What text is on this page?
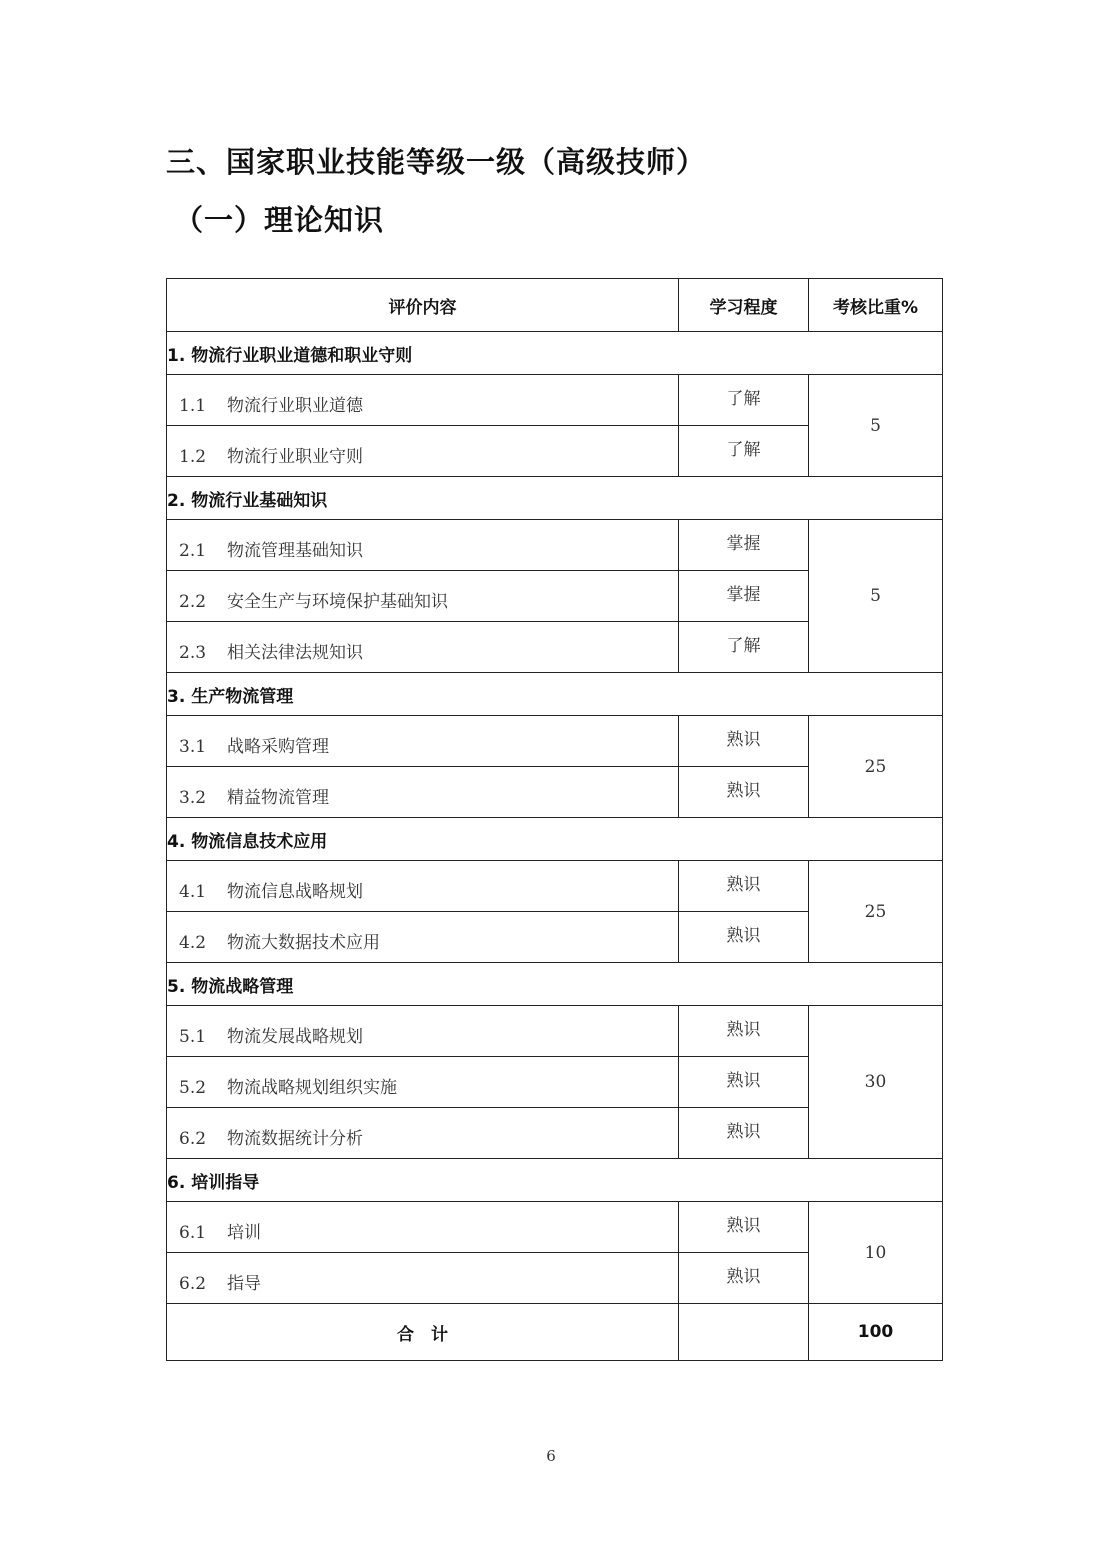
三、国家职业技能等级一级（高级技师）
（一）理论知识
评价内容	学习程度	考核比重%
1. 物流行业职业道德和职业守则		
1.1 物流行业职业道德	了解	5
1.2 物流行业职业守则	了解	
2. 物流行业基础知识		
2.1 物流管理基础知识	掌握	5
2.2 安全生产与环境保护基础知识	掌握	
2.3 相关法律法规知识	了解	
3. 生产物流管理		
3.1 战略采购管理	熟识	25
3.2 精益物流管理	熟识	
4. 物流信息技术应用		
4.1 物流信息战略规划	熟识	25
4.2 物流大数据技术应用	熟识	
5. 物流战略管理		
5.1 物流发展战略规划	熟识	30
5.2 物流战略规划组织实施	熟识	
6.2 物流数据统计分析	熟识	
6. 培训指导		
6.1 培训	熟识	10
6.2 指导	熟识	
合　计		100
6
